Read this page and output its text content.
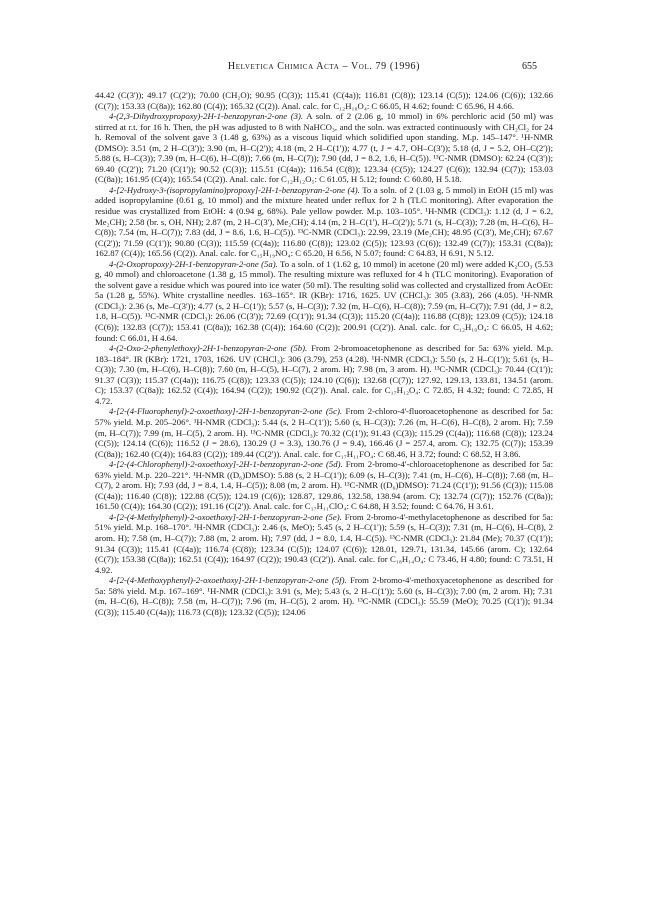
Helvetica Chimica Acta – Vol. 79 (1996)	655

44.42 (C(3')); 49.17 (C(2')); 70.00 (CH₂O); 90.95 (C(3)); 115.41 (C(4a)); 116.81 (C(8)); 123.14 (C(5)); 124.06 (C(6)); 132.66 (C(7)); 153.33 (C(8a)); 162.80 (C(4)); 165.32 (C(2)). Anal. calc. for C₁₂H₁₀O₄: C 66.05, H 4.62; found: C 65.96, H 4.66.

4-(2,3-Dihydroxypropoxy)-2H-1-benzopyran-2-one (3). A soln. of 2 (2.06 g, 10 mmol) in 6% perchloric acid (50 ml) was stirred at r.t. for 16 h. Then, the pH was adjusted to 8 with NaHCO₃, and the soln. was extracted continuously with CH₂Cl₂ for 24 h. Removal of the solvent gave 3 (1.48 g, 63%) as a viscous liquid which solidified upon standing. M.p. 145–147°. ¹H-NMR (DMSO): 3.51 (m, 2 H–C(3')); 3.90 (m, H–C(2')); 4.18 (m, 2 H–C(1')); 4.77 (t, J = 4.7, OH–C(3')); 5.18 (d, J = 5.2, OH–C(2')); 5.88 (s, H–C(3)); 7.39 (m, H–C(6), H–C(8)); 7.66 (m, H–C(7)); 7.90 (dd, J = 8.2, 1.6, H–C(5)). ¹³C-NMR (DMSO): 62.24 (C(3')); 69.40 (C(2')); 71.20 (C(1')); 90.52 (C(3)); 115.51 (C(4a)); 116.54 (C(8)); 123.34 (C(5)); 124.27 (C(6)); 132.94 (C(7)); 153.03 (C(8a)); 161.95 (C(4)); 165.54 (C(2)). Anal. calc. for C₁₂H₁₂O₅: C 61.05, H 5.12; found: C 60.80, H 5.18.

4-[2-Hydroxy-3-(isopropylamino)propoxy]-2H-1-benzopyran-2-one (4). To a soln. of 2 (1.03 g, 5 mmol) in EtOH (15 ml) was added isopropylamine (0.61 g, 10 mmol) and the mixture heated under reflux for 2 h (TLC monitoring). After evaporation the residue was crystallized from EtOH: 4 (0.94 g, 68%). Pale yellow powder. M.p. 103–105°. ¹H-NMR (CDCl₃): 1.12 (d, J = 6.2, Me₂CH); 2.58 (br. s, OH, NH); 2.87 (m, 2 H–C(3'), Me₂CH); 4.14 (m, 2 H–C(1'), H–C(2')); 5.71 (s, H–C(3)); 7.28 (m, H–C(6), H–C(8)); 7.54 (m, H–C(7)); 7.83 (dd, J = 8.6, 1.6, H–C(5)). ¹³C-NMR (CDCl₃): 22.99, 23.19 (Me₂CH); 48.95 (C(3'), Me₂CH); 67.67 (C(2')); 71.59 (C(1')); 90.80 (C(3)); 115.59 (C(4a)); 116.80 (C(8)); 123.02 (C(5)); 123.93 (C(6)); 132.49 (C(7)); 153.31 (C(8a)); 162.87 (C(4)); 165.56 (C(2)). Anal. calc. for C₁₅H₁₉NO₄: C 65.20, H 6.56, N 5.07; found: C 64.83, H 6.91, N 5.12.

4-(2-Oxopropoxy)-2H-1-benzopyran-2-one (5a). To a soln. of 1 (1.62 g, 10 mmol) in acetone (20 ml) were added K₂CO₃ (5.53 g, 40 mmol) and chloroacetone (1.38 g, 15 mmol). The resulting mixture was refluxed for 4 h (TLC monitoring). Evaporation of the solvent gave a residue which was poured into ice water (50 ml). The resulting solid was collected and crystallized from AcOEt: 5a (1.28 g, 55%). White crystalline needles. 163–165°. IR (KBr): 1716, 1625. UV (CHCl₃): 305 (3.83), 266 (4.05). ¹H-NMR (CDCl₃): 2.36 (s, Me–C(3')); 4.77 (s, 2 H–C(1')); 5.57 (s, H–C(3)); 7.32 (m, H–C(6), H–C(8)); 7.59 (m, H–C(7)); 7.91 (dd, J = 8.2, 1.8, H–C(5)). ¹³C-NMR (CDCl₃): 26.06 (C(3')); 72.69 (C(1')); 91.34 (C(3)); 115.20 (C(4a)); 116.88 (C(8)); 123.09 (C(5)); 124.18 (C(6)); 132.83 (C(7)); 153.41 (C(8a)); 162.38 (C(4)); 164.60 (C(2)); 200.91 (C(2')). Anal. calc. for C₁₂H₁₀O₄: C 66.05, H 4.62; found: C 66.01, H 4.64.

4-(2-Oxo-2-phenylethoxy)-2H-1-benzopyran-2-one (5b). From 2-bromoacetophenone as described for 5a: 63% yield. M.p. 183–184°. IR (KBr): 1721, 1703, 1626. UV (CHCl₃): 306 (3.79), 253 (4.28). ¹H-NMR (CDCl₃): 5.50 (s, 2 H–C(1')); 5.61 (s, H–C(3)); 7.30 (m, H–C(6), H–C(8)); 7.60 (m, H–C(5), H–C(7), 2 arom. H); 7.98 (m, 3 arom. H). ¹³C-NMR (CDCl₃): 70.44 (C(1')); 91.37 (C(3)); 115.37 (C(4a)); 116.75 (C(8)); 123.33 (C(5)); 124.10 (C(6)); 132.68 (C(7)); 127.92, 129.13, 133.81, 134.51 (arom. C); 153.37 (C(8a)); 162.52 (C(4)); 164.94 (C(2)); 190.92 (C(2')). Anal. calc. for C₁₇H₁₂O₄: C 72.85, H 4.32; found: C 72.85, H 4.72.

4-[2-(4-Fluorophenyl)-2-oxoethoxy]-2H-1-benzopyran-2-one (5c). From 2-chloro-4'-fluoroacetophenone as described for 5a: 57% yield. M.p. 205–206°. ¹H-NMR (CDCl₃): 5.44 (s, 2 H–C(1')); 5.60 (s, H–C(3)); 7.26 (m, H–C(6), H–C(8), 2 arom. H); 7.59 (m, H–C(7)); 7.99 (m, H–C(5), 2 arom. H). ¹³C-NMR (CDCl₃): 70.32 (C(1')); 91.43 (C(3)); 115.29 (C(4a)); 116.68 (C(8)); 123.24 (C(5)); 124.14 (C(6)); 116.52 (J = 28.6), 130.29 (J = 3.3), 130.76 (J = 9.4), 166.46 (J = 257.4, arom. C); 132.75 (C(7)); 153.39 (C(8a)); 162.40 (C(4)); 164.83 (C(2)); 189.44 (C(2')). Anal. calc. for C₁₇H₁₁FO₄: C 68.46, H 3.72; found: C 68.52, H 3.86.

4-[2-(4-Chlorophenyl)-2-oxoethoxy]-2H-1-benzopyran-2-one (5d). From 2-bromo-4'-chloroacetophenone as described for 5a: 63% yield. M.p. 220–221°. ¹H-NMR ((D₆)DMSO): 5.88 (s, 2 H–C(1')); 6.09 (s, H–C(3)); 7.41 (m, H–C(6), H–C(8)); 7.68 (m, H–C(7), 2 arom. H); 7.93 (dd, J = 8.4, 1.4, H–C(5)); 8.08 (m, 2 arom. H). ¹³C-NMR ((D₆)DMSO): 71.24 (C(1')); 91.56 (C(3)); 115.08 (C(4a)); 116.40 (C(8)); 122.88 (C(5)); 124.19 (C(6)); 128.87, 129.86, 132.58, 138.94 (arom. C); 132.74 (C(7)); 152.76 (C(8a)); 161.50 (C(4)); 164.30 (C(2)); 191.16 (C(2')). Anal. calc. for C₁₇H₁₁ClO₄: C 64.88, H 3.52; found: C 64.76, H 3.61.

4-[2-(4-Methylphenyl)-2-oxoethoxy]-2H-1-benzopyran-2-one (5e). From 2-bromo-4'-methylacetophenone as described for 5a: 51% yield. M.p. 168–170°. ¹H-NMR (CDCl₃): 2.46 (s, MeO); 5.45 (s, 2 H–C(1')); 5.59 (s, H–C(3)); 7.31 (m, H–C(6), H–C(8), 2 arom. H); 7.58 (m, H–C(7)); 7.88 (m, 2 arom. H); 7.97 (dd, J = 8.0, 1.4, H–C(5)). ¹³C-NMR (CDCl₃): 21.84 (Me); 70.37 (C(1')); 91.34 (C(3)); 115.41 (C(4a)); 116.74 (C(8)); 123.34 (C(5)); 124.07 (C(6)); 128.01, 129.71, 131.34, 145.66 (arom. C); 132.64 (C(7)); 153.38 (C(8a)); 162.51 (C(4)); 164.97 (C(2)); 190.43 (C(2')). Anal. calc. for C₁₈H₁₄O₄: C 73.46, H 4.80; found: C 73.51, H 4.92.

4-[2-(4-Methoxyphenyl)-2-oxoethoxy]-2H-1-benzopyran-2-one (5f). From 2-bromo-4'-methoxyacetophenone as described for 5a: 58% yield. M.p. 167–169°. ¹H-NMR (CDCl₃): 3.91 (s, Me); 5.43 (s, 2 H–C(1')); 5.60 (s, H–C(3)); 7.00 (m, 2 arom. H); 7.31 (m, H–C(6), H–C(8)); 7.58 (m, H–C(7)); 7.96 (m, H–C(5), 2 arom. H). ¹³C-NMR (CDCl₃): 55.59 (MeO); 70.25 (C(1')); 91.34 (C(3)); 115.40 (C(4a)); 116.73 (C(8)); 123.32 (C(5)); 124.06
